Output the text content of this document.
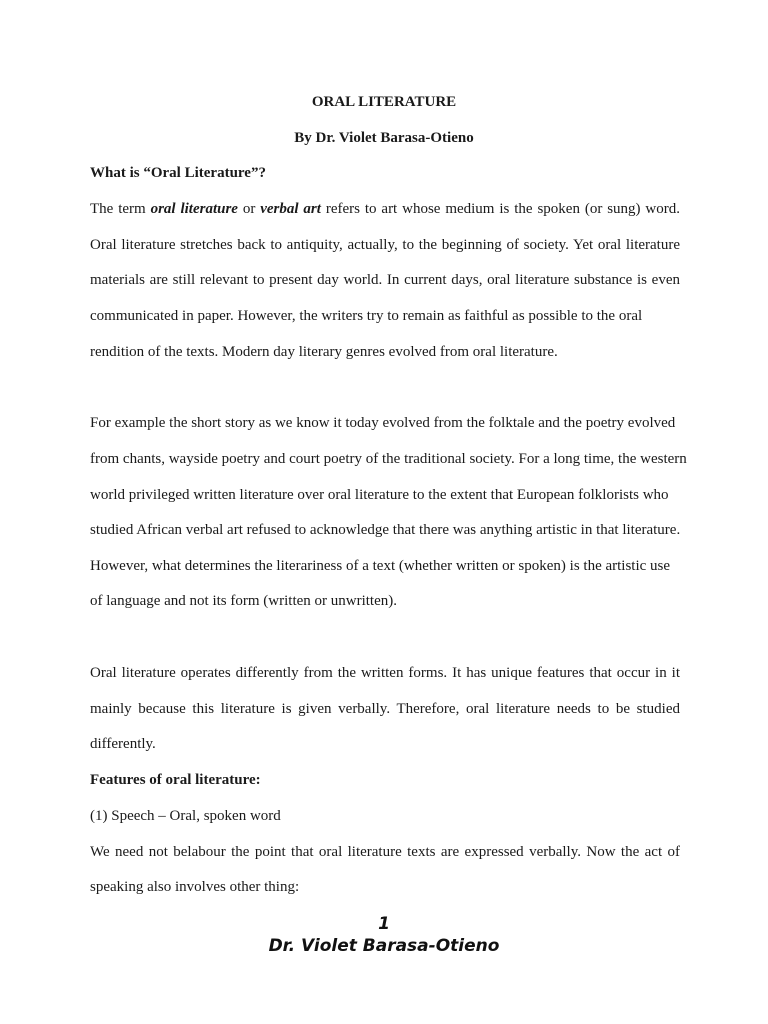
ORAL LITERATURE
By Dr. Violet Barasa-Otieno
What is “Oral Literature”?
The term oral literature or verbal art refers to art whose medium is the spoken (or sung) word.
Oral literature stretches back to antiquity, actually, to the beginning of society. Yet oral literature
materials are still relevant to present day world. In current days, oral literature substance is even
communicated in paper. However, the writers try to remain as faithful as possible to the oral
rendition of the texts. Modern day literary genres evolved from oral literature.
For example the short story as we know it today evolved from the folktale and the poetry evolved
from chants, wayside poetry and court poetry of the traditional society. For a long time, the western
world privileged written literature over oral literature to the extent that European folklorists who
studied African verbal art refused to acknowledge that there was anything artistic in that literature.
However, what determines the literariness of a text (whether written or spoken) is the artistic use
of language and not its form (written or unwritten).
Oral literature operates differently from the written forms. It has unique features that occur in it
mainly because this literature is given verbally. Therefore, oral literature needs to be studied
differently.
Features of oral literature:
(1) Speech – Oral, spoken word
We need not belabour the point that oral literature texts are expressed verbally. Now the act of
speaking also involves other thing:
1
Dr. Violet Barasa-Otieno
